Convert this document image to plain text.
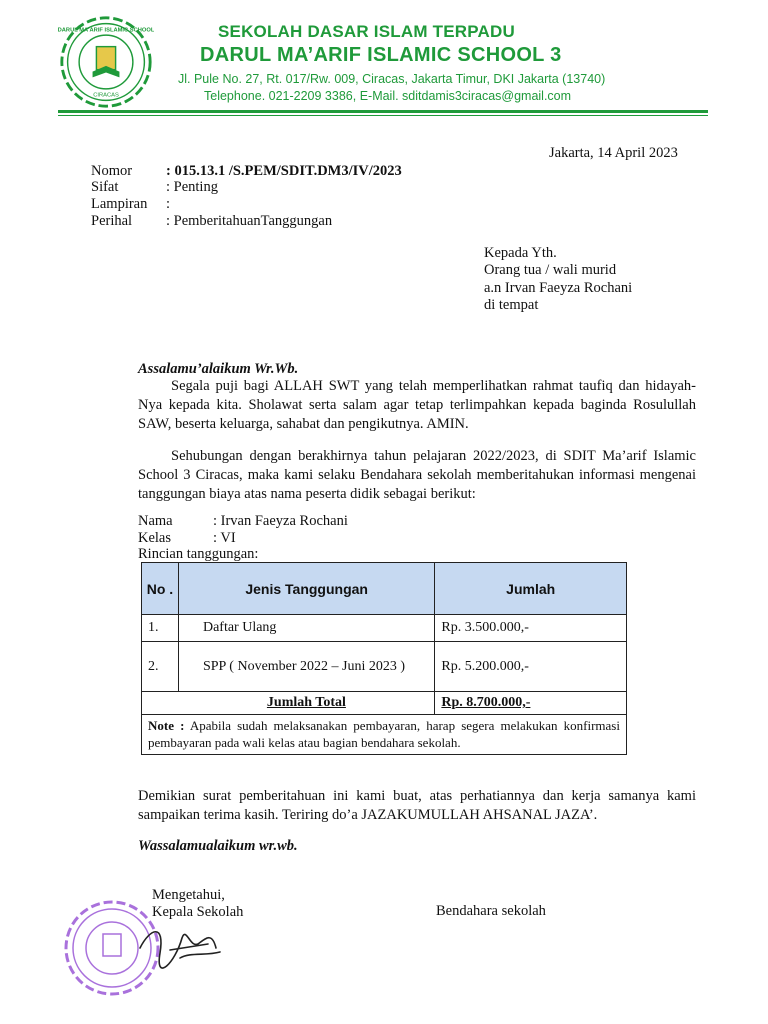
DARUL MA'ARIF ISLAMIC SCHOOL
CIRACAS
SEKOLAH DASAR ISLAM TERPADU
DARUL MA’ARIF ISLAMIC SCHOOL 3
Jl. Pule No. 27, Rt. 017/Rw. 009, Ciracas, Jakarta Timur, DKI Jakarta (13740)
Telephone. 021-2209 3386, E-Mail. sditdamis3ciracas@gmail.com
Jakarta, 14 April 2023
Nomor : 015.13.1 /S.PEM/SDIT.DM3/IV/2023
Sifat	: Penting
Lampiran :
Perihal : PemberitahuanTanggungan
Kepada Yth.
Orang tua / wali murid
a.n Irvan Faeyza Rochani
di tempat
Assalamu’alaikum Wr.Wb.
Segala puji bagi ALLAH SWT yang telah memperlihatkan rahmat taufiq dan hidayah-Nya kepada kita. Sholawat serta salam agar tetap terlimpahkan kepada baginda Rosulullah SAW, beserta keluarga, sahabat dan pengikutnya. AMIN.
Sehubungan dengan berakhirnya tahun pelajaran 2022/2023, di SDIT Ma’arif Islamic School 3 Ciracas, maka kami selaku Bendahara sekolah memberitahukan informasi mengenai tanggungan biaya atas nama peserta didik sebagai berikut:
Nama	: Irvan Faeyza Rochani
Kelas	: VI
Rincian tanggungan:
No .	Jenis Tanggungan	Jumlah
1.	Daftar Ulang	Rp. 3.500.000,-
2.	SPP ( November 2022 – Juni 2023 )	Rp. 5.200.000,-
	Jumlah Total	Rp. 8.700.000,-
Note : Apabila sudah melaksanakan pembayaran, harap segera melakukan konfirmasi pembayaran pada wali kelas atau bagian bendahara sekolah.		
Demikian surat pemberitahuan ini kami buat, atas perhatiannya dan kerja samanya kami sampaikan terima kasih. Teriring do’a JAZAKUMULLAH AHSANAL JAZA’.
Wassalamualaikum wr.wb.
Mengetahui,
Kepala Sekolah	Bendahara sekolah
